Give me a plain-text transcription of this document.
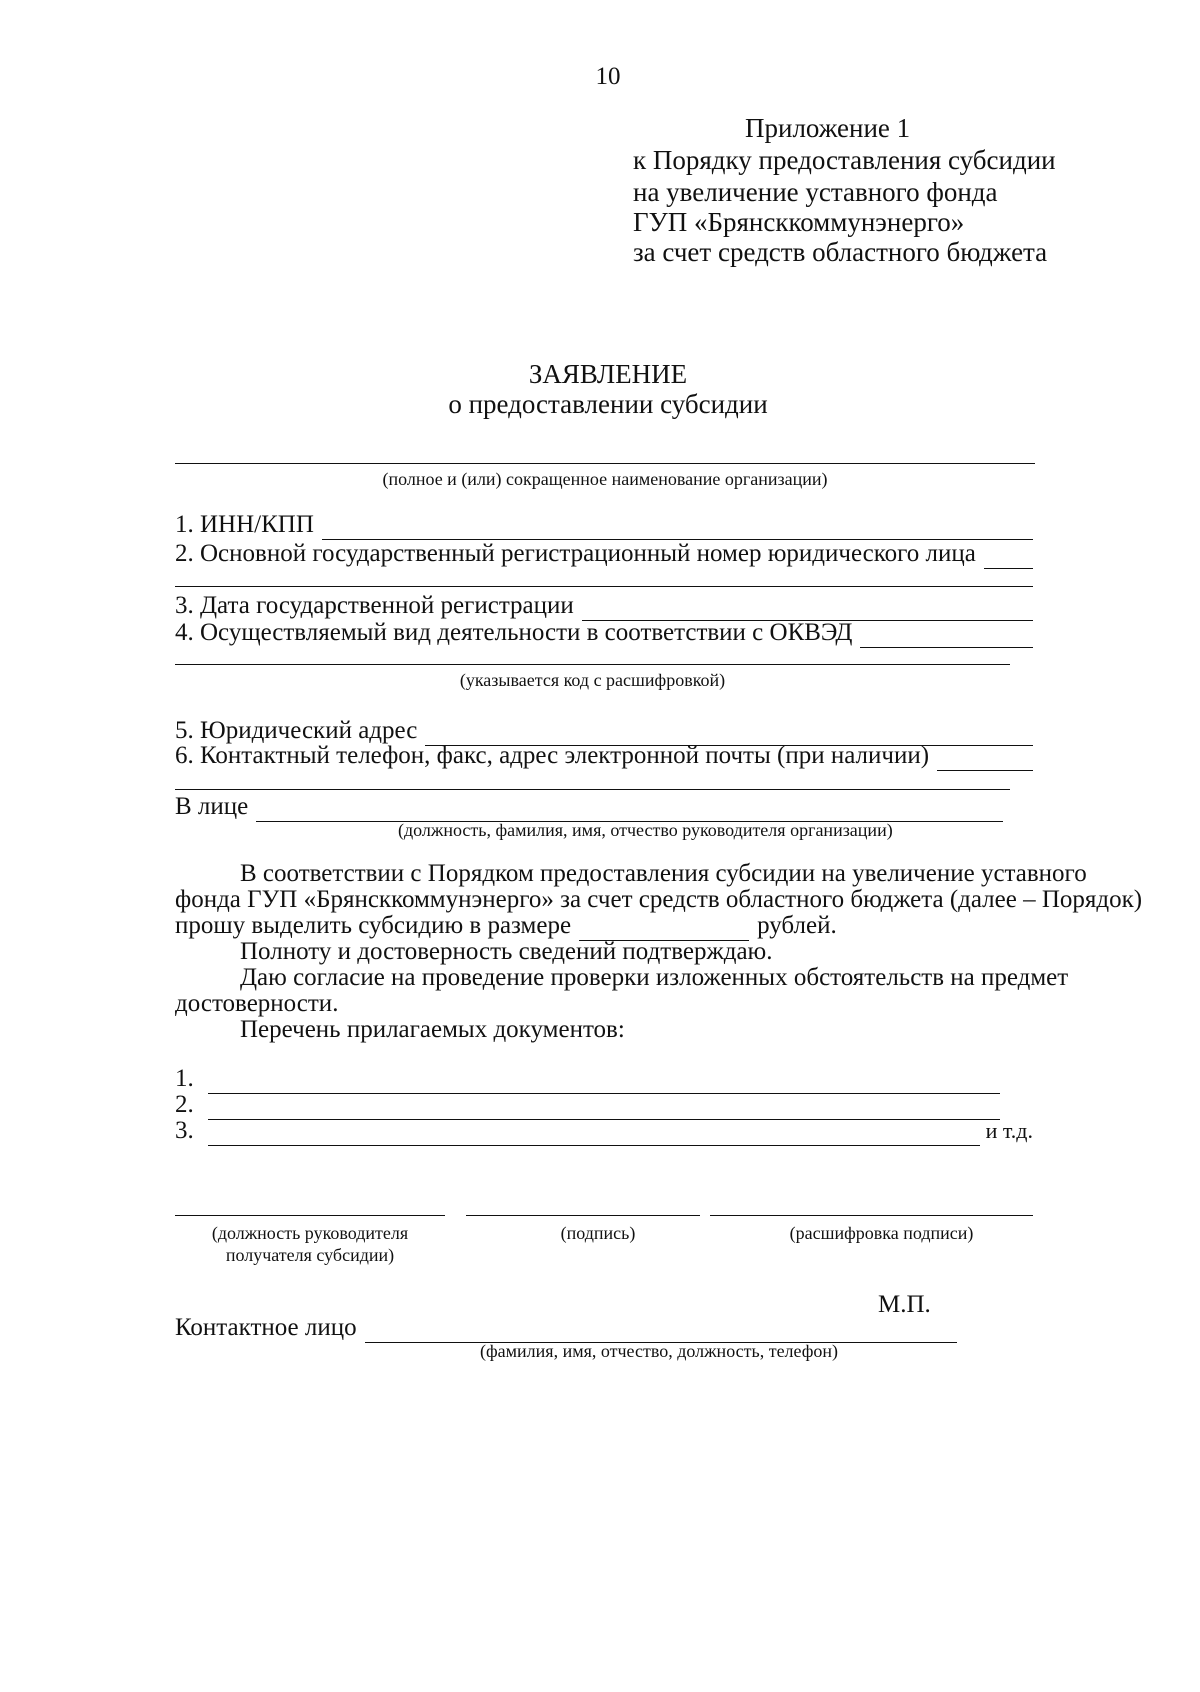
10
Приложение 1
к Порядку предоставления субсидии
на увеличение уставного фонда
ГУП «Брянсккоммунэнерго»
за счет средств областного бюджета
ЗАЯВЛЕНИЕ
о предоставлении субсидии
(полное и (или) сокращенное наименование организации)
1. ИНН/КПП
2. Основной государственный регистрационный номер юридического лица
3. Дата государственной регистрации
4. Осуществляемый вид деятельности в соответствии с ОКВЭД
(указывается код с расшифровкой)
5. Юридический адрес
6. Контактный телефон, факс, адрес электронной почты (при наличии)
В лице
(должность, фамилия, имя, отчество руководителя организации)
В соответствии с Порядком предоставления субсидии на увеличение уставного
фонда ГУП «Брянсккоммунэнерго» за счет средств областного бюджета (далее – Порядок)
прошу выделить субсидию в размере	рублей.
Полноту и достоверность сведений подтверждаю.
Даю согласие на проведение проверки изложенных обстоятельств на предмет
достоверности.
Перечень прилагаемых документов:
1.
2.
3.	и т.д.
(должность руководителя
получателя субсидии)
(подпись)	(расшифровка подписи)
М.П.
Контактное лицо
(фамилия, имя, отчество, должность, телефон)
